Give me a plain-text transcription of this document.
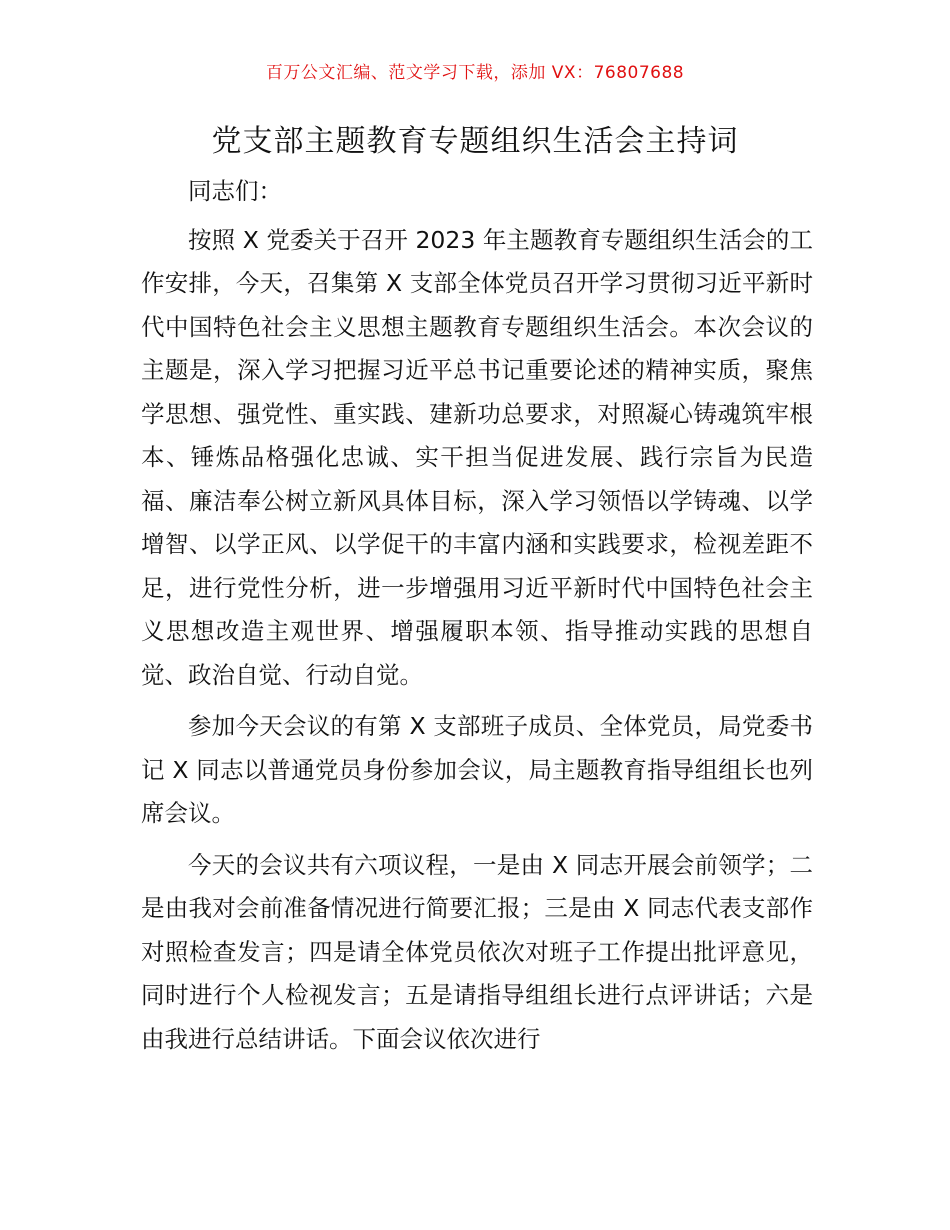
百万公文汇编、范文学习下载，添加 VX：76807688
党支部主题教育专题组织生活会主持词

同志们：

按照 X 党委关于召开 2023 年主题教育专题组织生活会的工作安排，今天，召集第 X 支部全体党员召开学习贯彻习近平新时代中国特色社会主义思想主题教育专题组织生活会。本次会议的主题是，深入学习把握习近平总书记重要论述的精神实质，聚焦学思想、强党性、重实践、建新功总要求，对照凝心铸魂筑牢根本、锤炼品格强化忠诚、实干担当促进发展、践行宗旨为民造福、廉洁奉公树立新风具体目标，深入学习领悟以学铸魂、以学增智、以学正风、以学促干的丰富内涵和实践要求，检视差距不足，进行党性分析，进一步增强用习近平新时代中国特色社会主义思想改造主观世界、增强履职本领、指导推动实践的思想自觉、政治自觉、行动自觉。

参加今天会议的有第 X 支部班子成员、全体党员，局党委书记 X 同志以普通党员身份参加会议，局主题教育指导组组长也列席会议。

今天的会议共有六项议程，一是由 X 同志开展会前领学；二是由我对会前准备情况进行简要汇报；三是由 X 同志代表支部作对照检查发言；四是请全体党员依次对班子工作提出批评意见，同时进行个人检视发言；五是请指导组组长进行点评讲话；六是由我进行总结讲话。下面会议依次进行
